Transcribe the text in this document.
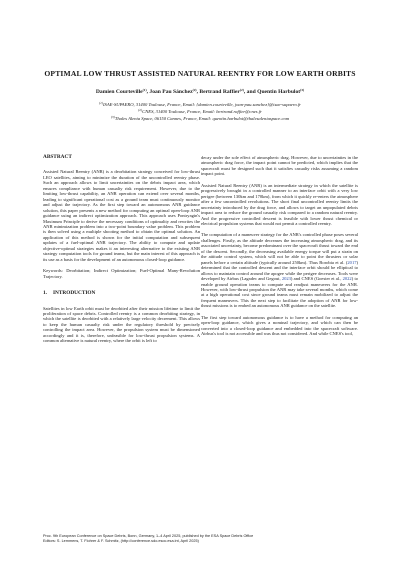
OPTIMAL LOW THRUST ASSISTED NATURAL REENTRY FOR LOW EARTH ORBITS
Damien Courteville$^{(1)}$, Joan Pau Sánchez$^{(2)}$, Bertrand Raffier$^{(2)}$, and Quentin Harbulot$^{(3)}$
$^{(1)}$ISAE-SUPAERO, 31400 Toulouse, France, Email: {damien.courteville, joan-pau.sanchez}@isae-supaero.fr
$^{(2)}$CNES, 31400 Toulouse, France, Email: bertrand.raffier@cnes.fr
$^{(3)}$Thales Alenia Space, 06150 Cannes, France, Email: quentin.harbulot@thalesaleniaspace.com
ABSTRACT

Assisted Natural Reentry (ANR) is a deorbitation strategy conceived for low-thrust LEO satellites, aiming to minimize the duration of the uncontrolled reentry phase. Such an approach allows to limit uncertainties on the debris impact area, which ensures compliance with human casualty risk requirement. However, due to the limiting low-thrust capability, an ANR operation can extend over several months, leading to significant operational cost as a ground team must continuously monitor and adjust the trajectory. As the first step toward an autonomous ANR guidance solution, this paper presents a new method for computing an optimal open-loop ANR guidance using an indirect optimization approach. This approach uses Pontryagin's Maximum Principle to derive the necessary conditions of optimality and rewrites the ANR minimization problem into a two-point boundary value problem. This problem is then solved using a multiple shooting method to obtain the optimal solution. An application of this method is shown for the initial computation and subsequent updates of a fuel-optimal ANR trajectory. The ability to compute and update objective-optimal strategies makes it an interesting alternative to the existing ANR strategy computation tools for ground teams, but the main interest of this approach is its use as a basis for the development of an autonomous closed-loop guidance.

Keywords: Deorbitation; Indirect Optimization; Fuel-Optimal Many-Revolution Trajectory.

1. INTRODUCTION

Satellites in low Earth orbit must be deorbited after their mission lifetime to limit the proliferation of space debris. Controlled reentry is a common deorbiting strategy, in which the satellite is deorbited with a relatively large velocity decrement. This allows to keep the human casualty risk under the regulatory threshold by precisely controlling the impact area. However, the propulsion system must be dimensioned accordingly and it is, therefore, unfeasible for low-thrust propulsion systems. A common alternative is natural reentry, where the orbit is left to

decay under the sole effect of atmospheric drag. However, due to uncertainties in the atmospheric drag force, the impact point cannot be predicted, which implies that the spacecraft must be designed such that it satisfies casualty risks assuming a random impact point.

Assisted Natural Reentry (ANR) is an intermediate strategy in which the satellite is progressively brought in a controlled manner to an interface orbit with a very low perigee (between 130km and 170km), from which it quickly re-enters the atmosphere after a few uncontrolled revolutions. The short final uncontrolled reentry limits the uncertainty introduced by the drag force, and allows to target an unpopulated debris impact area to reduce the ground casualty risk compared to a random natural reentry. And the progressive controlled descent is feasible with lower thrust chemical or electrical propulsion systems that would not permit a controlled reentry.

The computation of a maneuver strategy for the ANR's controlled phase poses several challenges. Firstly, as the altitude decreases the increasing atmospheric drag, and its associated uncertainty, become predominant over the spacecraft thrust toward the end of the descent. Secondly, the decreasing available energy torque will put a strain on the attitude control system, which will not be able to point the thrusters or solar panels before a certain altitude (typically around 250km). Thus Borobia et al. (2017) determined that the controlled descent and the interface orbit should be elliptical to allows to maintain control around the apogee while the perigee decreases. Tools were developed by Airbus (Lagadec and Gegout, 2023) and CNES (Goester et al., 2022) to enable ground operation teams to compute and readjust maneuvers for the ANR. However, with low-thrust propulsion the ANR may take several months, which come at a high operational cost since ground teams must remain mobilized to adjust the frequent maneuvers. This the next step to facilitate the adoption of ANR for low-thrust missions is to embed an autonomous ANR guidance on the satellite.

The first step toward autonomous guidance is to have a method for computing an open-loop guidance, which gives a nominal trajectory, and which can then be converted into a closed-loop guidance and embedded into the spacecraft software. Airbus's tool is not accessible and was thus not considered. And while CNES's tool,

Proc. 9th European Conference on Space Debris, Bonn, Germany, 1–4 April 2025, published by the ESA Space Debris Office
Editors: S. Lemmens, T. Flohrer & F. Schmitz, (http://conference.sdo.esoc.esa.int, April 2025)
